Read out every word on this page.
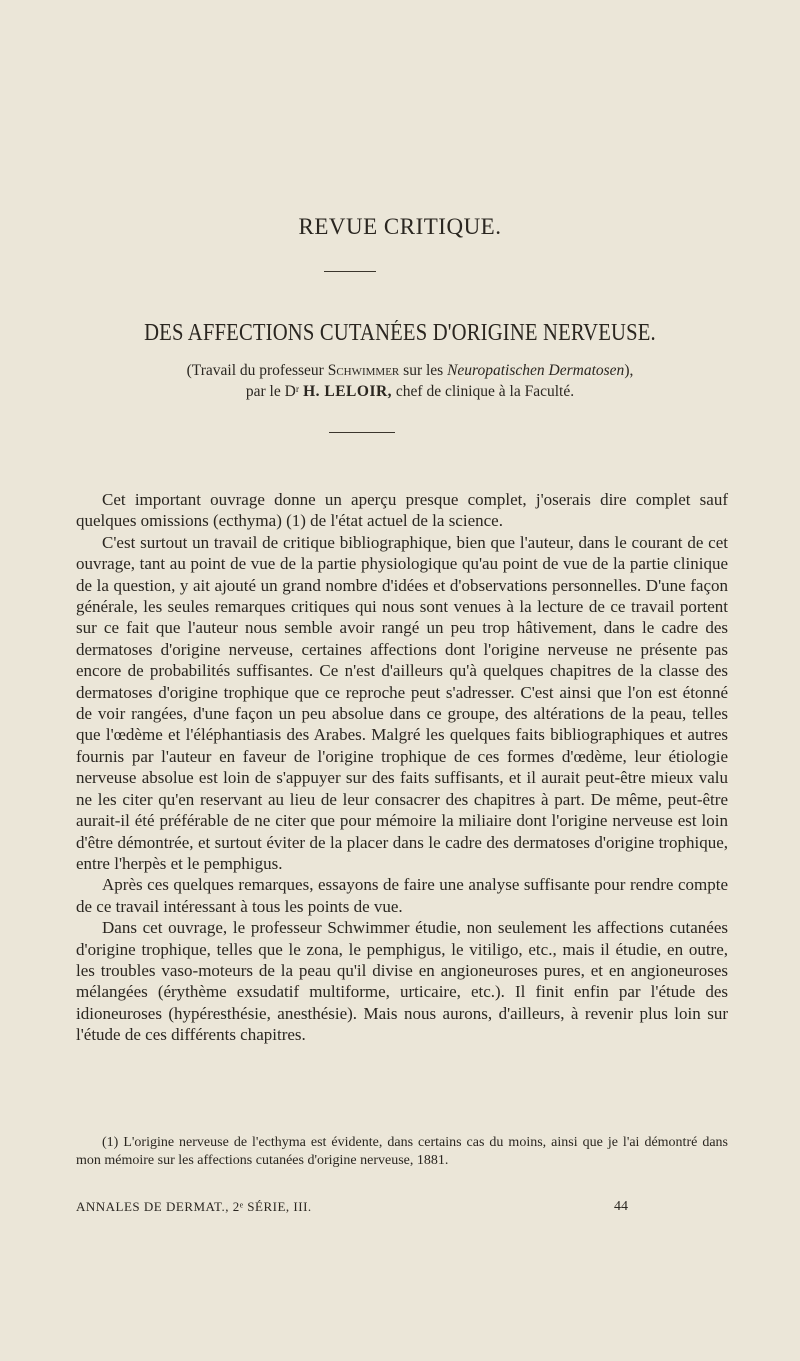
REVUE CRITIQUE.
DES AFFECTIONS CUTANÉES D'ORIGINE NERVEUSE.
(Travail du professeur Schwimmer sur les Neuropatischen Dermatosen),
par le Dʳ H. LELOIR, chef de clinique à la Faculté.

Cet important ouvrage donne un aperçu presque complet, j'oserais dire complet sauf quelques omissions (ecthyma) (1) de l'état actuel de la science.

C'est surtout un travail de critique bibliographique, bien que l'auteur, dans le courant de cet ouvrage, tant au point de vue de la partie physiologique qu'au point de vue de la partie clinique de la question, y ait ajouté un grand nombre d'idées et d'observations personnelles. D'une façon générale, les seules remarques critiques qui nous sont venues à la lecture de ce travail portent sur ce fait que l'auteur nous semble avoir rangé un peu trop hâtivement, dans le cadre des dermatoses d'origine nerveuse, certaines affections dont l'origine nerveuse ne présente pas encore de probabilités suffisantes. Ce n'est d'ailleurs qu'à quelques chapitres de la classe des dermatoses d'origine trophique que ce reproche peut s'adresser. C'est ainsi que l'on est étonné de voir rangées, d'une façon un peu absolue dans ce groupe, des altérations de la peau, telles que l'œdème et l'éléphantiasis des Arabes. Malgré les quelques faits bibliographiques et autres fournis par l'auteur en faveur de l'origine trophique de ces formes d'œdème, leur étiologie nerveuse absolue est loin de s'appuyer sur des faits suffisants, et il aurait peut-être mieux valu ne les citer qu'en reservant au lieu de leur consacrer des chapitres à part. De même, peut-être aurait-il été préférable de ne citer que pour mémoire la miliaire dont l'origine nerveuse est loin d'être démontrée, et surtout éviter de la placer dans le cadre des dermatoses d'origine trophique, entre l'herpès et le pemphigus.

Après ces quelques remarques, essayons de faire une analyse suffisante pour rendre compte de ce travail intéressant à tous les points de vue.

Dans cet ouvrage, le professeur Schwimmer étudie, non seulement les affections cutanées d'origine trophique, telles que le zona, le pemphigus, le vitiligo, etc., mais il étudie, en outre, les troubles vaso-moteurs de la peau qu'il divise en angioneuroses pures, et en angioneuroses mélangées (érythème exsudatif multiforme, urticaire, etc.). Il finit enfin par l'étude des idioneuroses (hypéresthésie, anesthésie). Mais nous aurons, d'ailleurs, à revenir plus loin sur l'étude de ces différents chapitres.

(1) L'origine nerveuse de l'ecthyma est évidente, dans certains cas du moins, ainsi que je l'ai démontré dans mon mémoire sur les affections cutanées d'origine nerveuse, 1881.
ANNALES DE DERMAT., 2ᵉ SÉRIE, III.	44
